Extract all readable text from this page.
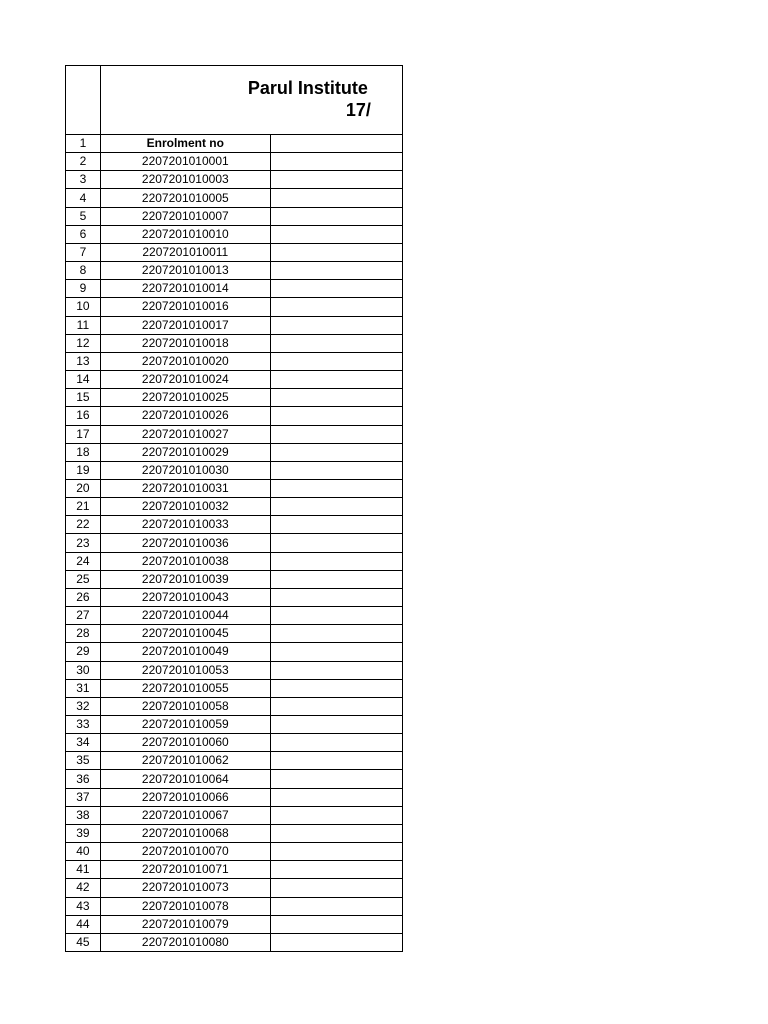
	Parul Institute
17/	

1	Enrolment no	
2	2207201010001	
3	2207201010003	
4	2207201010005	
5	2207201010007	
6	2207201010010	
7	2207201010011	
8	2207201010013	
9	2207201010014	
10	2207201010016	
11	2207201010017	
12	2207201010018	
13	2207201010020	
14	2207201010024	
15	2207201010025	
16	2207201010026	
17	2207201010027	
18	2207201010029	
19	2207201010030	
20	2207201010031	
21	2207201010032	
22	2207201010033	
23	2207201010036	
24	2207201010038	
25	2207201010039	
26	2207201010043	
27	2207201010044	
28	2207201010045	
29	2207201010049	
30	2207201010053	
31	2207201010055	
32	2207201010058	
33	2207201010059	
34	2207201010060	
35	2207201010062	
36	2207201010064	
37	2207201010066	
38	2207201010067	
39	2207201010068	
40	2207201010070	
41	2207201010071	
42	2207201010073	
43	2207201010078	
44	2207201010079	
45	2207201010080	
